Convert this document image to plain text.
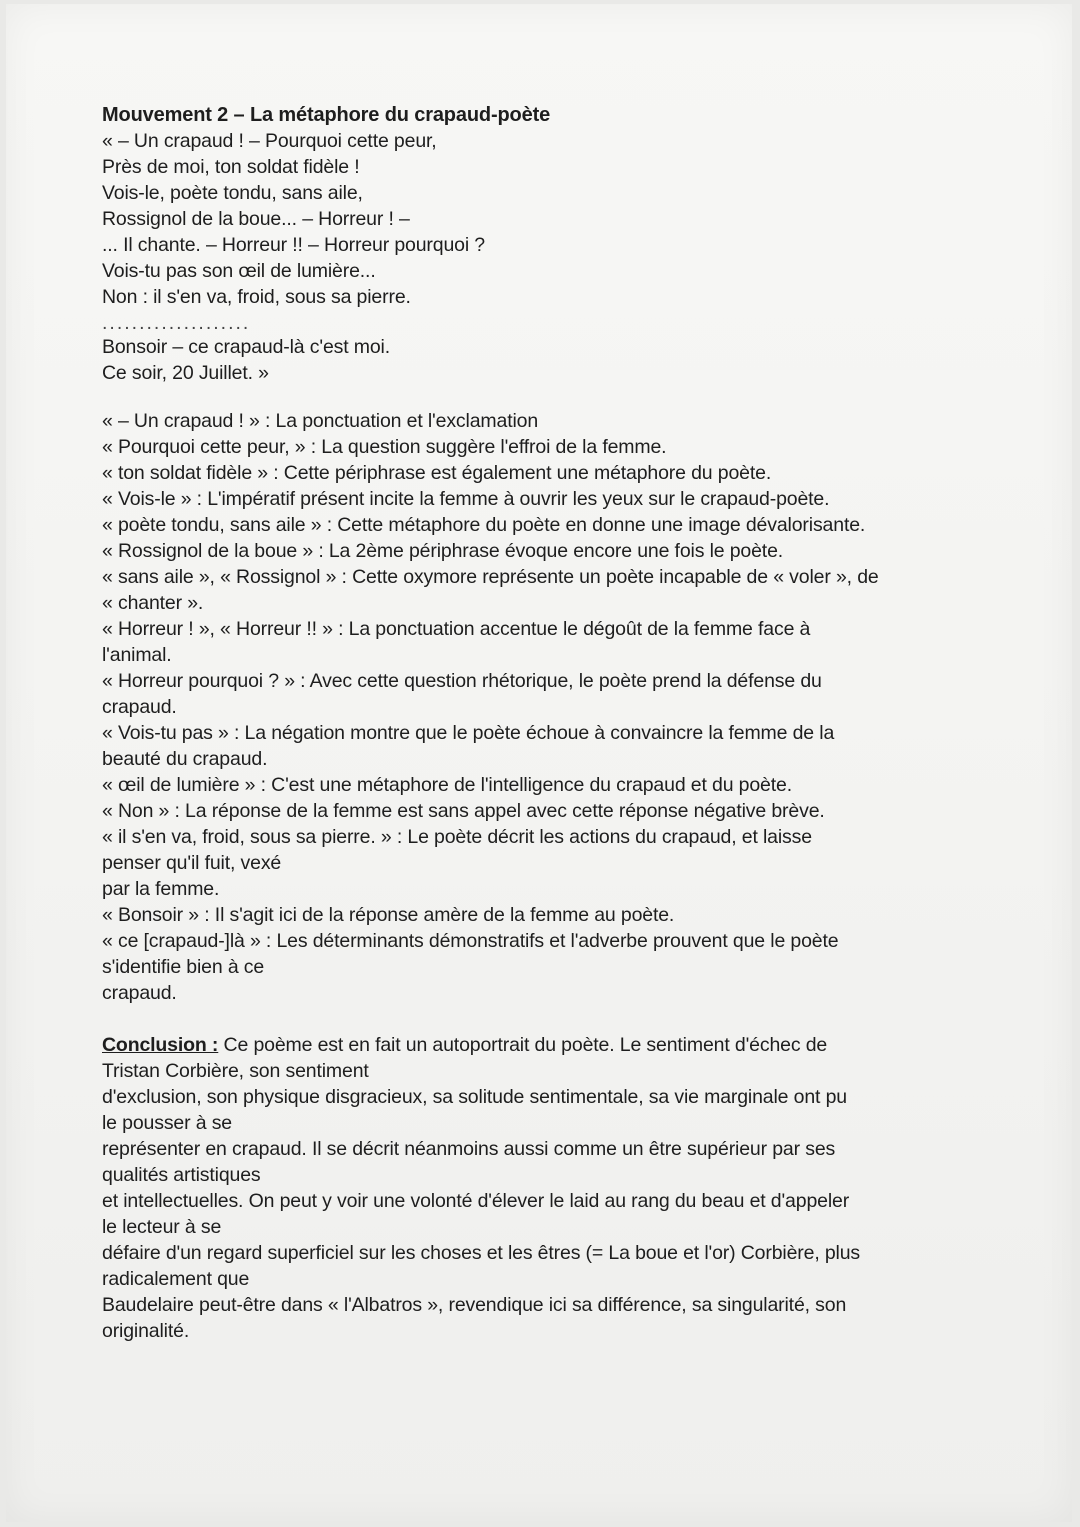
Mouvement 2 – La métaphore du crapaud-poète
« – Un crapaud ! – Pourquoi cette peur,
Près de moi, ton soldat fidèle !
Vois-le, poète tondu, sans aile,
Rossignol de la boue... – Horreur ! –
... Il chante. – Horreur !! – Horreur pourquoi ?
Vois-tu pas son œil de lumière...
Non : il s'en va, froid, sous sa pierre.
....................
Bonsoir – ce crapaud-là c'est moi.
Ce soir, 20 Juillet. »
« – Un crapaud ! » : La ponctuation et l'exclamation
« Pourquoi cette peur, » : La question suggère l'effroi de la femme.
« ton soldat fidèle » : Cette périphrase est également une métaphore du poète.
« Vois-le » : L'impératif présent incite la femme à ouvrir les yeux sur le crapaud-poète.
« poète tondu, sans aile » : Cette métaphore du poète en donne une image dévalorisante.
« Rossignol de la boue » : La 2ème périphrase évoque encore une fois le poète.
« sans aile », « Rossignol » : Cette oxymore représente un poète incapable de « voler », de
« chanter ».
« Horreur ! », « Horreur !! » : La ponctuation accentue le dégoût de la femme face à
l'animal.
« Horreur pourquoi ? » : Avec cette question rhétorique, le poète prend la défense du
crapaud.
« Vois-tu pas » : La négation montre que le poète échoue à convaincre la femme de la
beauté du crapaud.
« œil de lumière » : C'est une métaphore de l'intelligence du crapaud et du poète.
« Non » : La réponse de la femme est sans appel avec cette réponse négative brève.
« il s'en va, froid, sous sa pierre. » : Le poète décrit les actions du crapaud, et laisse
penser qu'il fuit, vexé
par la femme.
« Bonsoir » : Il s'agit ici de la réponse amère de la femme au poète.
« ce [crapaud-]là » : Les déterminants démonstratifs et l'adverbe prouvent que le poète
s'identifie bien à ce
crapaud.
Conclusion : Ce poème est en fait un autoportrait du poète. Le sentiment d'échec de
Tristan Corbière, son sentiment
d'exclusion, son physique disgracieux, sa solitude sentimentale, sa vie marginale ont pu
le pousser à se
représenter en crapaud. Il se décrit néanmoins aussi comme un être supérieur par ses
qualités artistiques
et intellectuelles. On peut y voir une volonté d'élever le laid au rang du beau et d'appeler
le lecteur à se
défaire d'un regard superficiel sur les choses et les êtres (= La boue et l'or) Corbière, plus
radicalement que
Baudelaire peut-être dans « l'Albatros », revendique ici sa différence, sa singularité, son
originalité.
